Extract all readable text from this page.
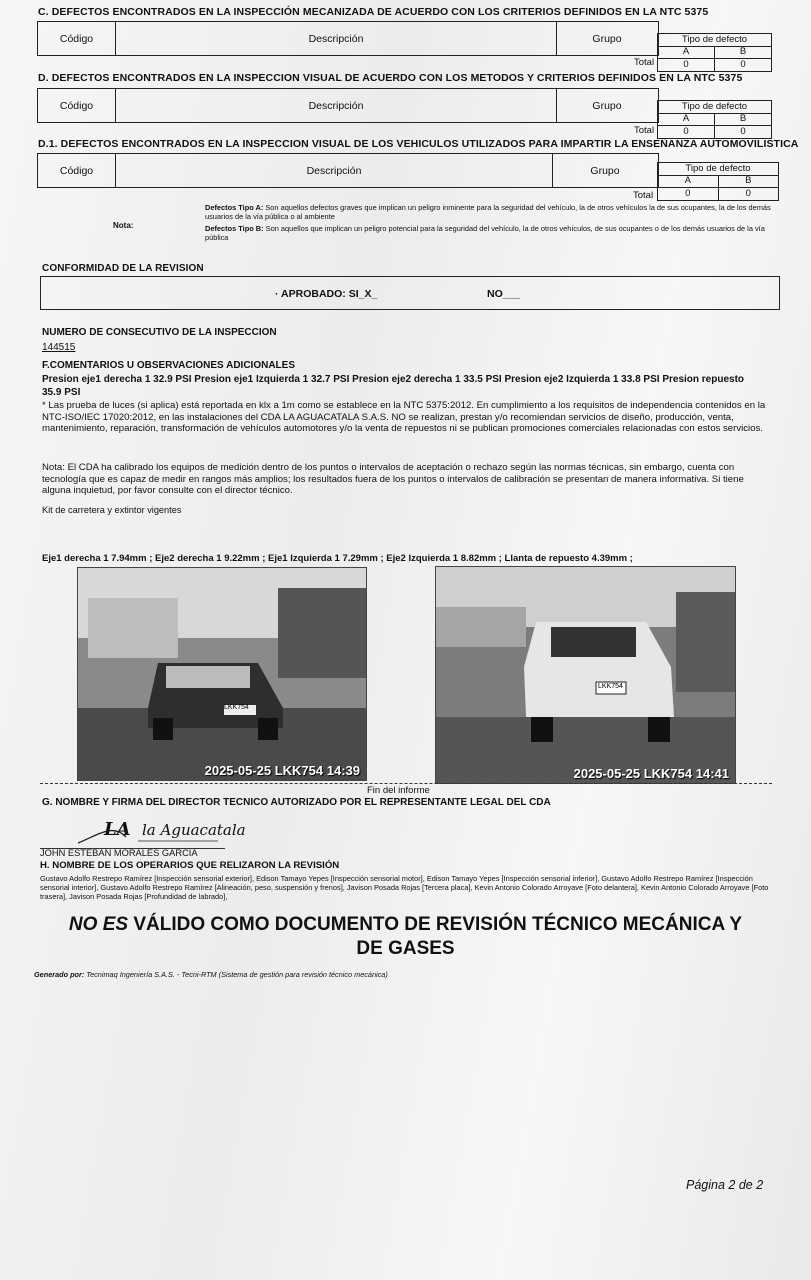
C. DEFECTOS ENCONTRADOS EN LA INSPECCIÓN MECANIZADA DE ACUERDO CON LOS CRITERIOS DEFINIDOS EN LA NTC 5375
Código	Descripción	Grupo	Tipo de defecto
A	B
0	0
Total
D. DEFECTOS ENCONTRADOS EN LA INSPECCION VISUAL DE ACUERDO CON LOS METODOS Y CRITERIOS DEFINIDOS EN LA NTC 5375
Código	Descripción	Grupo	Tipo de defecto
A	B
0	0
Total
D.1. DEFECTOS ENCONTRADOS EN LA INSPECCION VISUAL DE LOS VEHICULOS UTILIZADOS PARA IMPARTIR LA ENSEÑANZA AUTOMOVILISTICA
Código	Descripción	Grupo	Tipo de defecto
A	B
0	0
Total
Nota:
Defectos Tipo A: Son aquellos defectos graves que implican un peligro inminente para la seguridad del vehículo, la de otros vehículos la de sus ocupantes, la de los demás usuarios de la vía pública o al ambiente
Defectos Tipo B: Son aquellos que implican un peligro potencial para la seguridad del vehículo, la de otros vehículos, de sus ocupantes o de los demás usuarios de la vía pública
CONFORMIDAD DE LA REVISION
· APROBADO: SI_X_	NO___
NUMERO DE CONSECUTIVO DE LA INSPECCION
144515
F.COMENTARIOS U OBSERVACIONES ADICIONALES
Presion eje1 derecha 1 32.9 PSI Presion eje1 Izquierda 1 32.7 PSI Presion eje2 derecha 1 33.5 PSI Presion eje2 Izquierda 1 33.8 PSI Presion repuesto 35.9 PSI
* Las prueba de luces (si aplica) está reportada en klx a 1m como se establece en la NTC 5375:2012. En cumplimiento a los requisitos de independencia contenidos en la NTC-ISO/IEC 17020:2012, en las instalaciones del CDA LA AGUACATALA S.A.S. NO se realizan, prestan y/o recomiendan servicios de diseño, producción, venta, mantenimiento, reparación, transformación de vehículos automotores y/o la venta de repuestos ni se publican promociones comerciales relacionadas con estos servicios.
Nota: El CDA ha calibrado los equipos de medición dentro de los puntos o intervalos de aceptación o rechazo según las normas técnicas, sin embargo, cuenta con tecnología que es capaz de medir en rangos más amplios; los resultados fuera de los puntos o intervalos de calibración se presentan de manera informativa. Si tiene alguna inquietud, por favor consulte con el director técnico.
Kit de carretera y extintor vigentes
Eje1 derecha 1 7.94mm ; Eje2 derecha 1 9.22mm ; Eje1 Izquierda 1 7.29mm ; Eje2 Izquierda 1 8.82mm ; Llanta de repuesto 4.39mm ;
LKK754
2025-05-25 LKK754 14:39
LKK754
2025-05-25 LKK754 14:41
Fin del informe
G. NOMBRE Y FIRMA DEL DIRECTOR TECNICO AUTORIZADO POR EL REPRESENTANTE LEGAL DEL CDA
LA la Aguacatala
JOHN ESTEBAN MORALES GARCIA
H. NOMBRE DE LOS OPERARIOS QUE RELIZARON LA REVISIÓN
Gustavo Adolfo Restrepo Ramírez [Inspección sensorial exterior], Edison Tamayo Yepes [Inspección sensorial motor], Edison Tamayo Yepes [Inspección sensorial inferior], Gustavo Adolfo Restrepo Ramírez [Inspección sensorial interior], Gustavo Adolfo Restrepo Ramírez [Alineación, peso, suspensión y frenos], Javison Posada Rojas [Tercera placa], Kevin Antonio Colorado Arroyave [Foto delantera], Kevin Antonio Colorado Arroyave [Foto trasera], Javison Posada Rojas [Profundidad de labrado],
NO ES VÁLIDO COMO DOCUMENTO DE REVISIÓN TÉCNICO MECÁNICA Y
DE GASES
Generado por: Tecnimaq Ingeniería S.A.S. - Tecni-RTM (Sistema de gestión para revisión técnico mecánica)
Página 2 de 2
